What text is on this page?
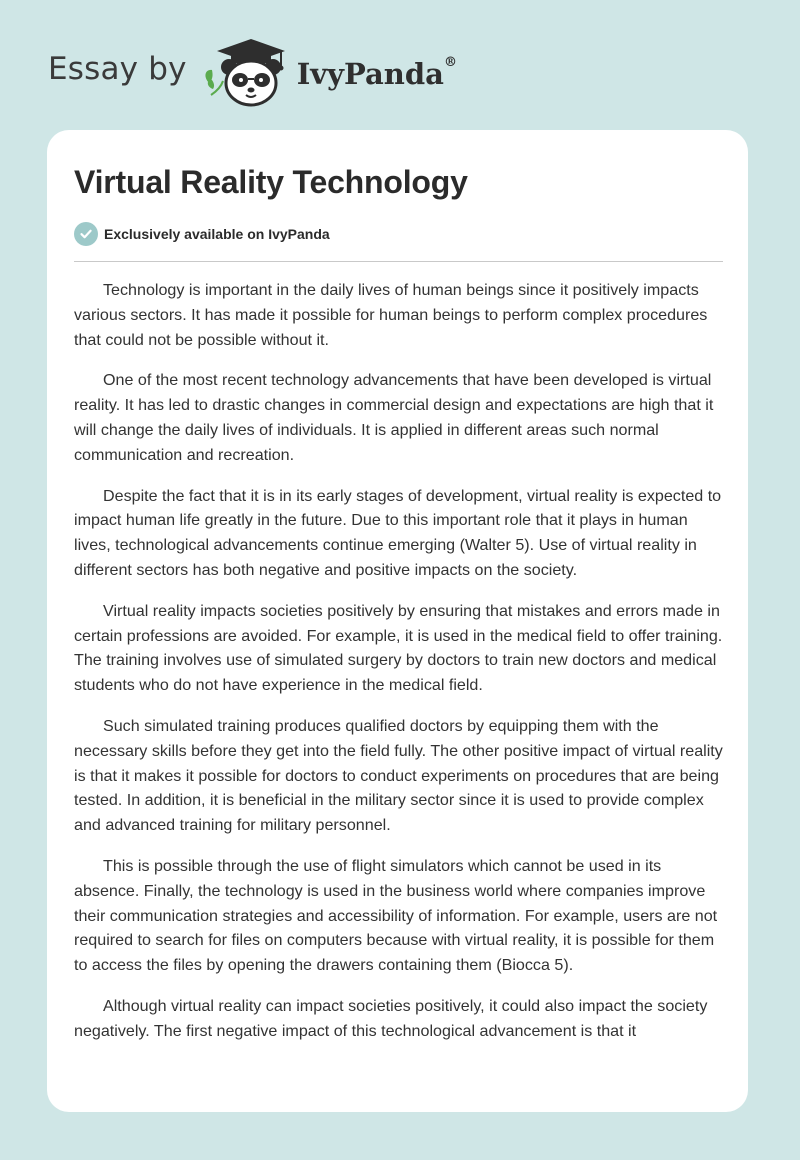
Essay by	IvyPanda®
Virtual Reality Technology
Exclusively available on IvyPanda

Technology is important in the daily lives of human beings since it positively impacts various sectors. It has made it possible for human beings to perform complex procedures that could not be possible without it.

One of the most recent technology advancements that have been developed is virtual reality. It has led to drastic changes in commercial design and expectations are high that it will change the daily lives of individuals. It is applied in different areas such normal communication and recreation.

Despite the fact that it is in its early stages of development, virtual reality is expected to impact human life greatly in the future. Due to this important role that it plays in human lives, technological advancements continue emerging (Walter 5). Use of virtual reality in different sectors has both negative and positive impacts on the society.

Virtual reality impacts societies positively by ensuring that mistakes and errors made in certain professions are avoided. For example, it is used in the medical field to offer training. The training involves use of simulated surgery by doctors to train new doctors and medical students who do not have experience in the medical field.

Such simulated training produces qualified doctors by equipping them with the necessary skills before they get into the field fully. The other positive impact of virtual reality is that it makes it possible for doctors to conduct experiments on procedures that are being tested. In addition, it is beneficial in the military sector since it is used to provide complex and advanced training for military personnel.

This is possible through the use of flight simulators which cannot be used in its absence. Finally, the technology is used in the business world where companies improve their communication strategies and accessibility of information. For example, users are not required to search for files on computers because with virtual reality, it is possible for them to access the files by opening the drawers containing them (Biocca 5).

Although virtual reality can impact societies positively, it could also impact the society negatively. The first negative impact of this technological advancement is that it
